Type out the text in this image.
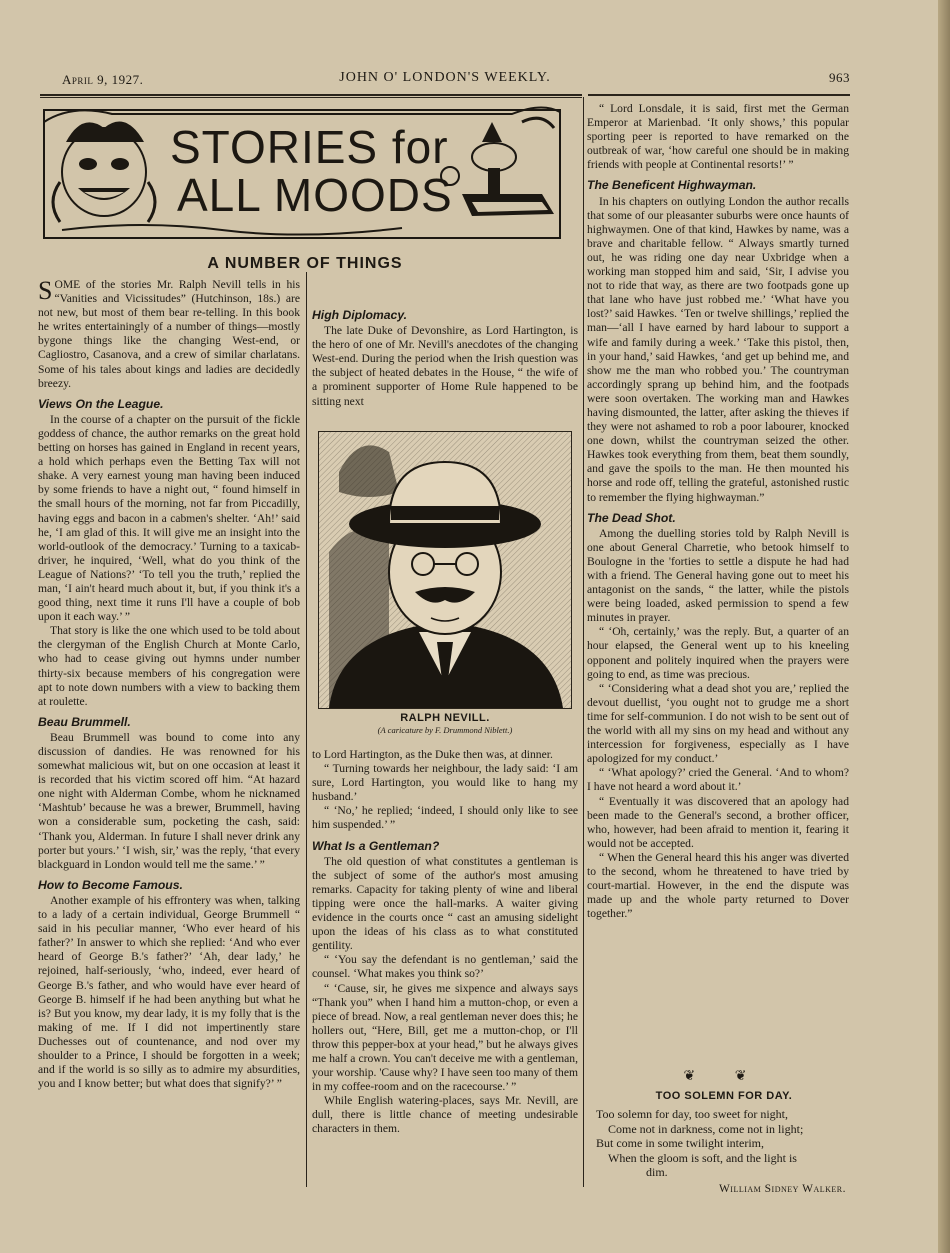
April 9, 1927.	JOHN O' LONDON'S WEEKLY.	963
STORIES for
ALL MOODS
A NUMBER OF THINGS

SOME of the stories Mr. Ralph Nevill tells in his “Vanities and Vicissitudes” (Hutchinson, 18s.) are not new, but most of them bear re-telling. In this book he writes entertainingly of a number of things—mostly bygone things like the changing West-end, or Cagliostro, Casanova, and a crew of similar charlatans. Some of his tales about kings and ladies are decidedly breezy.

Views On the League.

In the course of a chapter on the pursuit of the fickle goddess of chance, the author remarks on the great hold betting on horses has gained in England in recent years, a hold which perhaps even the Betting Tax will not shake. A very earnest young man having been induced by some friends to have a night out, “ found himself in the small hours of the morning, not far from Piccadilly, having eggs and bacon in a cabmen's shelter. ‘Ah!’ said he, ‘I am glad of this. It will give me an insight into the world-outlook of the democracy.’ Turning to a taxicab-driver, he inquired, ‘Well, what do you think of the League of Nations?’ ‘To tell you the truth,’ replied the man, ‘I ain't heard much about it, but, if you think it's a good thing, next time it runs I'll have a couple of bob upon it each way.’ ”

That story is like the one which used to be told about the clergyman of the English Church at Monte Carlo, who had to cease giving out hymns under number thirty-six because members of his congregation were apt to note down numbers with a view to backing them at roulette.

Beau Brummell.

Beau Brummell was bound to come into any discussion of dandies. He was renowned for his somewhat malicious wit, but on one occasion at least it is recorded that his victim scored off him. “At hazard one night with Alderman Combe, whom he nicknamed ‘Mashtub’ because he was a brewer, Brummell, having won a considerable sum, pocketing the cash, said: ‘Thank you, Alderman. In future I shall never drink any porter but yours.’ ‘I wish, sir,’ was the reply, ‘that every blackguard in London would tell me the same.’ ”

How to Become Famous.

Another example of his effrontery was when, talking to a lady of a certain individual, George Brummell “ said in his peculiar manner, ‘Who ever heard of his father?’ In answer to which she replied: ‘And who ever heard of George B.'s father?’ ‘Ah, dear lady,’ he rejoined, half-seriously, ‘who, indeed, ever heard of George B.'s father, and who would have ever heard of George B. himself if he had been anything but what he is? But you know, my dear lady, it is my folly that is the making of me. If I did not impertinently stare Duchesses out of countenance, and nod over my shoulder to a Prince, I should be forgotten in a week; and if the world is so silly as to admire my absurdities, you and I know better; but what does that signify?’ ”

High Diplomacy.

The late Duke of Devonshire, as Lord Hartington, is the hero of one of Mr. Nevill's anecdotes of the changing West-end. During the period when the Irish question was the subject of heated debates in the House, “ the wife of a prominent supporter of Home Rule happened to be sitting next

RALPH NEVILL.
(A caricature by F. Drummond Niblett.)

to Lord Hartington, as the Duke then was, at dinner.

“ Turning towards her neighbour, the lady said: ‘I am sure, Lord Hartington, you would like to hang my husband.’

“ ‘No,’ he replied; ‘indeed, I should only like to see him suspended.’ ”

What Is a Gentleman?

The old question of what constitutes a gentleman is the subject of some of the author's most amusing remarks. Capacity for taking plenty of wine and liberal tipping were once the hall-marks. A waiter giving evidence in the courts once “ cast an amusing sidelight upon the ideas of his class as to what constituted gentility.

“ ‘You say the defendant is no gentleman,’ said the counsel. ‘What makes you think so?’

“ ‘Cause, sir, he gives me sixpence and always says “Thank you” when I hand him a mutton-chop, or even a piece of bread. Now, a real gentleman never does this; he hollers out, “Here, Bill, get me a mutton-chop, or I'll throw this pepper-box at your head,” but he always gives me half a crown. You can't deceive me with a gentleman, your worship. 'Cause why? I have seen too many of them in my coffee-room and on the racecourse.’ ”

While English watering-places, says Mr. Nevill, are dull, there is little chance of meeting undesirable characters in them.

“ Lord Lonsdale, it is said, first met the German Emperor at Marienbad. ‘It only shows,’ this popular sporting peer is reported to have remarked on the outbreak of war, ‘how careful one should be in making friends with people at Continental resorts!’ ”

The Beneficent Highwayman.

In his chapters on outlying London the author recalls that some of our pleasanter suburbs were once haunts of highwaymen. One of that kind, Hawkes by name, was a brave and charitable fellow. “ Always smartly turned out, he was riding one day near Uxbridge when a working man stopped him and said, ‘Sir, I advise you not to ride that way, as there are two footpads gone up that lane who have just robbed me.’ ‘What have you lost?’ said Hawkes. ‘Ten or twelve shillings,’ replied the man—‘all I have earned by hard labour to support a wife and family during a week.’ ‘Take this pistol, then, in your hand,’ said Hawkes, ‘and get up behind me, and show me the man who robbed you.’ The countryman accordingly sprang up behind him, and the footpads were soon overtaken. The working man and Hawkes having dismounted, the latter, after asking the thieves if they were not ashamed to rob a poor labourer, knocked one down, whilst the countryman seized the other. Hawkes took everything from them, beat them soundly, and gave the spoils to the man. He then mounted his horse and rode off, telling the grateful, astonished rustic to remember the flying highwayman.”

The Dead Shot.

Among the duelling stories told by Ralph Nevill is one about General Charretie, who betook himself to Boulogne in the 'forties to settle a dispute he had had with a friend. The General having gone out to meet his antagonist on the sands, “ the latter, while the pistols were being loaded, asked permission to spend a few minutes in prayer.

“ ‘Oh, certainly,’ was the reply. But, a quarter of an hour elapsed, the General went up to his kneeling opponent and politely inquired when the prayers were going to end, as time was precious.

“ ‘Considering what a dead shot you are,’ replied the devout duellist, ‘you ought not to grudge me a short time for self-communion. I do not wish to be sent out of the world with all my sins on my head and without any intercession for forgiveness, especially as I have apologized for my conduct.’

“ ‘What apology?’ cried the General. ‘And to whom? I have not heard a word about it.’

“ Eventually it was discovered that an apology had been made to the General's second, a brother officer, who, however, had been afraid to mention it, fearing it would not be accepted.

“ When the General heard this his anger was diverted to the second, whom he threatened to have tried by court-martial. However, in the end the dispute was made up and the whole party returned to Dover together.”

❦ ❦
TOO SOLEMN FOR DAY.
Too solemn for day, too sweet for night,
Come not in darkness, come not in light;
But come in some twilight interim,
When the gloom is soft, and the light is
dim.
William Sidney Walker.
